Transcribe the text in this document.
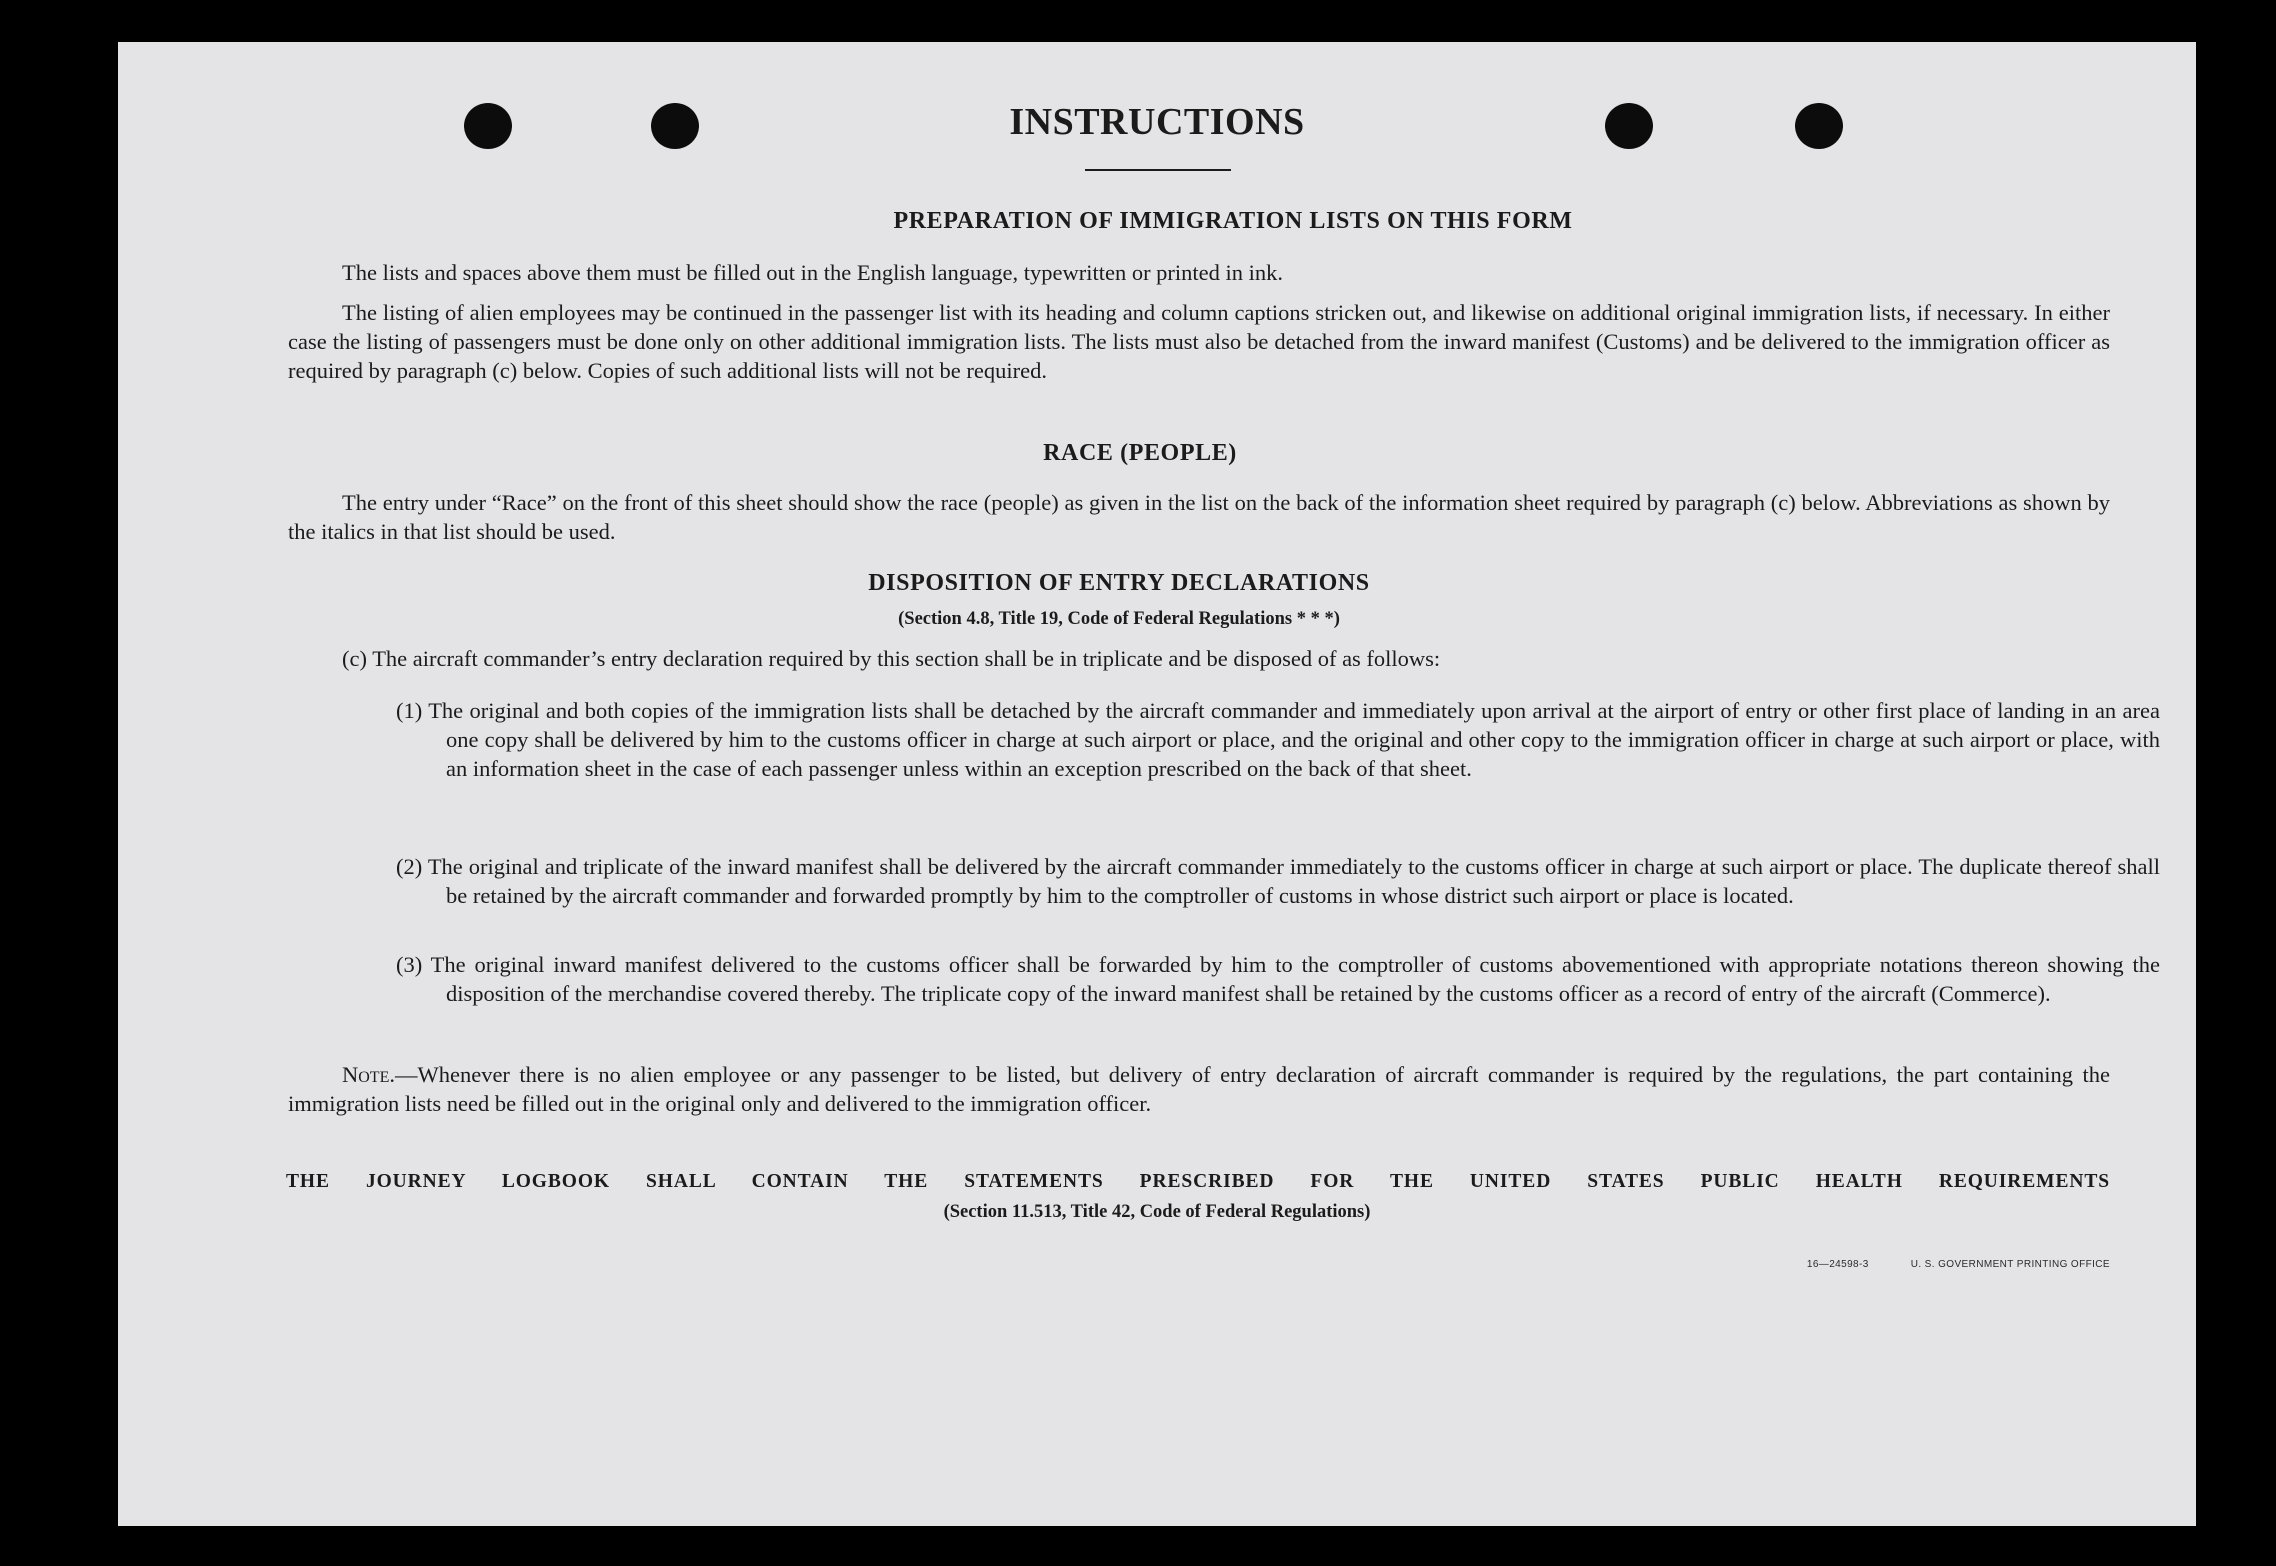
INSTRUCTIONS
PREPARATION OF IMMIGRATION LISTS ON THIS FORM

The lists and spaces above them must be filled out in the English language, typewritten or printed in ink.

The listing of alien employees may be continued in the passenger list with its heading and column captions stricken out, and likewise on additional original immigration lists, if necessary. In either case the listing of passengers must be done only on other additional immigration lists. The lists must also be detached from the inward manifest (Customs) and be delivered to the immigration officer as required by paragraph (c) below. Copies of such additional lists will not be required.

RACE (PEOPLE)

The entry under “Race” on the front of this sheet should show the race (people) as given in the list on the back of the information sheet required by paragraph (c) below. Abbreviations as shown by the italics in that list should be used.

DISPOSITION OF ENTRY DECLARATIONS
(Section 4.8, Title 19, Code of Federal Regulations * * *)

(c) The aircraft commander’s entry declaration required by this section shall be in triplicate and be disposed of as follows:

(1) The original and both copies of the immigration lists shall be detached by the aircraft commander and immediately upon arrival at the airport of entry or other first place of landing in an area one copy shall be delivered by him to the customs officer in charge at such airport or place, and the original and other copy to the immigration officer in charge at such airport or place, with an information sheet in the case of each passenger unless within an exception prescribed on the back of that sheet.

(2) The original and triplicate of the inward manifest shall be delivered by the aircraft commander immediately to the customs officer in charge at such airport or place. The duplicate thereof shall be retained by the aircraft commander and forwarded promptly by him to the comptroller of customs in whose district such airport or place is located.

(3) The original inward manifest delivered to the customs officer shall be forwarded by him to the comptroller of customs abovementioned with appropriate notations thereon showing the disposition of the merchandise covered thereby. The triplicate copy of the inward manifest shall be retained by the customs officer as a record of entry of the aircraft (Commerce).

Note.—Whenever there is no alien employee or any passenger to be listed, but delivery of entry declaration of aircraft commander is required by the regulations, the part containing the immigration lists need be filled out in the original only and delivered to the immigration officer.

THE JOURNEY LOGBOOK SHALL CONTAIN THE STATEMENTS PRESCRIBED FOR THE UNITED STATES PUBLIC HEALTH REQUIREMENTS
(Section 11.513, Title 42, Code of Federal Regulations)
16—24598-3	U. S. GOVERNMENT PRINTING OFFICE
